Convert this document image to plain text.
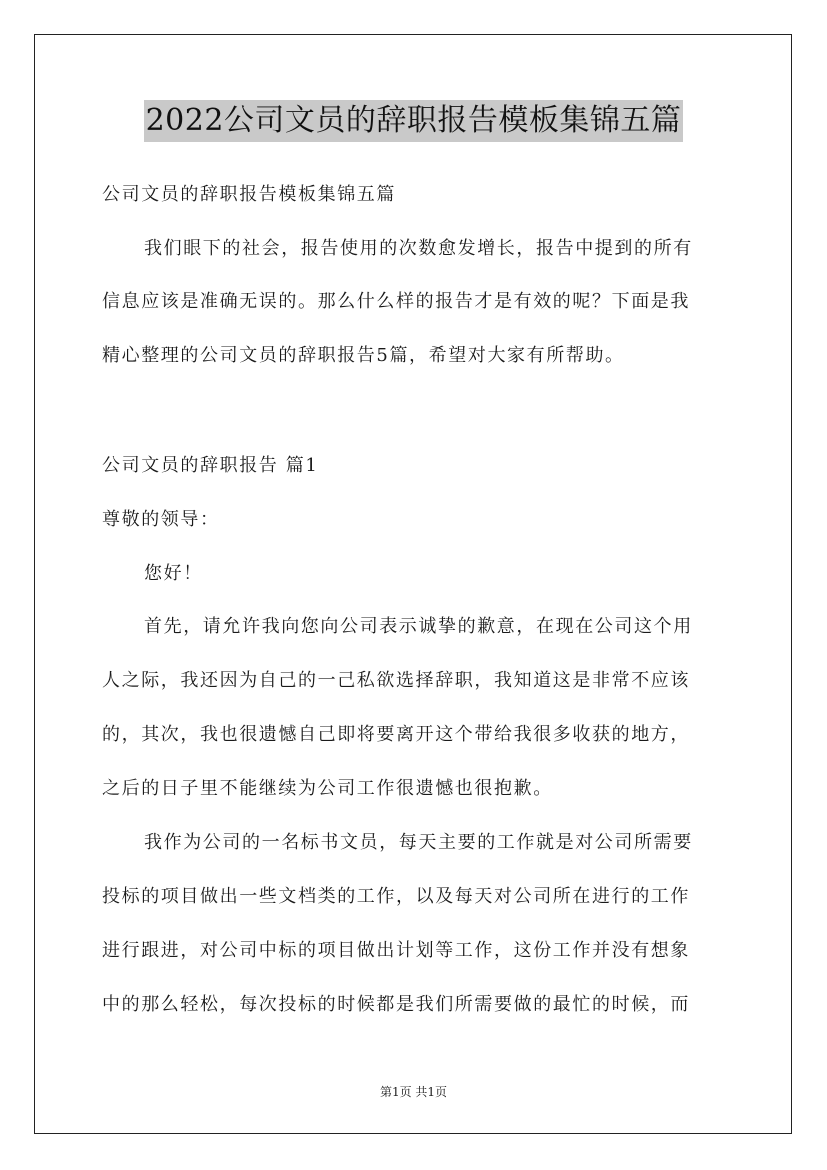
2022公司文员的辞职报告模板集锦五篇
公司文员的辞职报告模板集锦五篇
我们眼下的社会，报告使用的次数愈发增长，报告中提到的所有
信息应该是准确无误的。那么什么样的报告才是有效的呢？下面是我
精心整理的公司文员的辞职报告5篇，希望对大家有所帮助。
公司文员的辞职报告 篇1
尊敬的领导：
您好！
首先，请允许我向您向公司表示诚挚的歉意，在现在公司这个用
人之际，我还因为自己的一己私欲选择辞职，我知道这是非常不应该
的，其次，我也很遗憾自己即将要离开这个带给我很多收获的地方，
之后的日子里不能继续为公司工作很遗憾也很抱歉。
我作为公司的一名标书文员，每天主要的工作就是对公司所需要
投标的项目做出一些文档类的工作，以及每天对公司所在进行的工作
进行跟进，对公司中标的项目做出计划等工作，这份工作并没有想象
中的那么轻松，每次投标的时候都是我们所需要做的最忙的时候，而
第1页 共1页
